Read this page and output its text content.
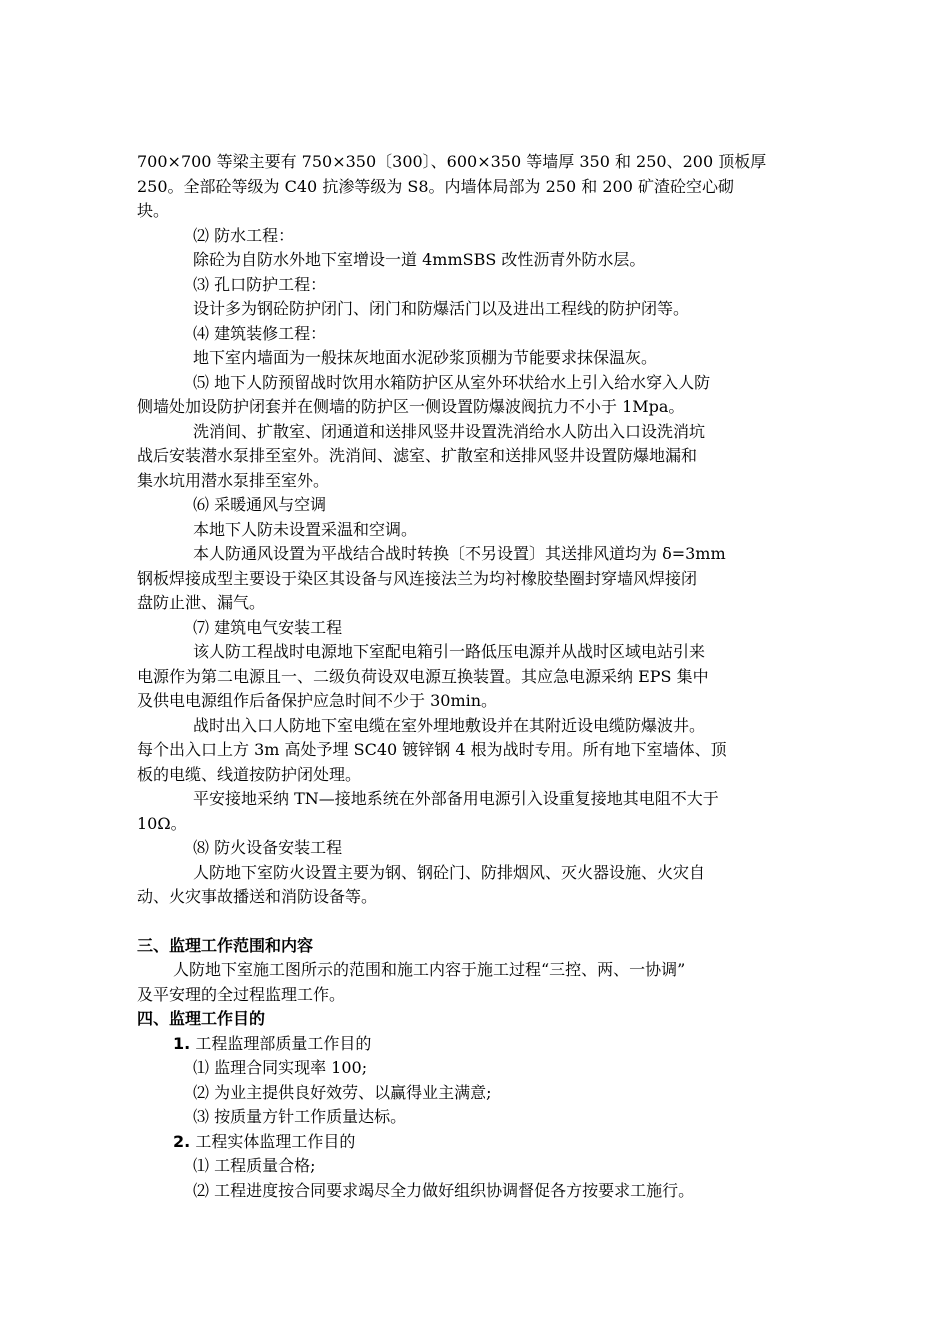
700×700 等梁主要有 750×350〔300〕、600×350 等墙厚 350 和 250、200 顶板厚
250。全部砼等级为 C40 抗渗等级为 S8。内墙体局部为 250 和 200 矿渣砼空心砌
块。
⑵ 防水工程：
除砼为自防水外地下室增设一道 4mmSBS 改性沥青外防水层。
⑶ 孔口防护工程：
设计多为钢砼防护闭门、闭门和防爆活门以及进出工程线的防护闭等。
⑷ 建筑装修工程：
地下室内墙面为一般抹灰地面水泥砂浆顶棚为节能要求抹保温灰。
⑸ 地下人防预留战时饮用水箱防护区从室外环状给水上引入给水穿入人防
侧墙处加设防护闭套并在侧墙的防护区一侧设置防爆波阀抗力不小于 1Mpa。
洗消间、扩散室、闭通道和送排风竖井设置洗消给水人防出入口设洗消坑
战后安装潜水泵排至室外。洗消间、滤室、扩散室和送排风竖井设置防爆地漏和
集水坑用潜水泵排至室外。
⑹ 采暖通风与空调
本地下人防未设置采温和空调。
本人防通风设置为平战结合战时转换〔不另设置〕其送排风道均为 δ=3mm
钢板焊接成型主要设于染区其设备与风连接法兰为均衬橡胶垫圈封穿墙风焊接闭
盘防止泄、漏气。
⑺ 建筑电气安装工程
该人防工程战时电源地下室配电箱引一路低压电源并从战时区域电站引来
电源作为第二电源且一、二级负荷设双电源互换装置。其应急电源采纳 EPS 集中
及供电电源组作后备保护应急时间不少于 30min。
战时出入口人防地下室电缆在室外埋地敷设并在其附近设电缆防爆波井。
每个出入口上方 3m 高处予埋 SC40 镀锌钢 4 根为战时专用。所有地下室墙体、顶
板的电缆、线道按防护闭处理。
平安接地采纳 TN—接地系统在外部备用电源引入设重复接地其电阻不大于
10Ω。
⑻ 防火设备安装工程
人防地下室防火设置主要为钢、钢砼门、防排烟风、灭火器设施、火灾自
动、火灾事故播送和消防设备等。
三、监理工作范围和内容
人防地下室施工图所示的范围和施工内容于施工过程“三控、两、一协调”
及平安理的全过程监理工作。
四、监理工作目的
1. 工程监理部质量工作目的
⑴ 监理合同实现率 100;
⑵ 为业主提供良好效劳、以赢得业主满意;
⑶ 按质量方针工作质量达标。
2. 工程实体监理工作目的
⑴ 工程质量合格;
⑵ 工程进度按合同要求竭尽全力做好组织协调督促各方按要求工施行。
